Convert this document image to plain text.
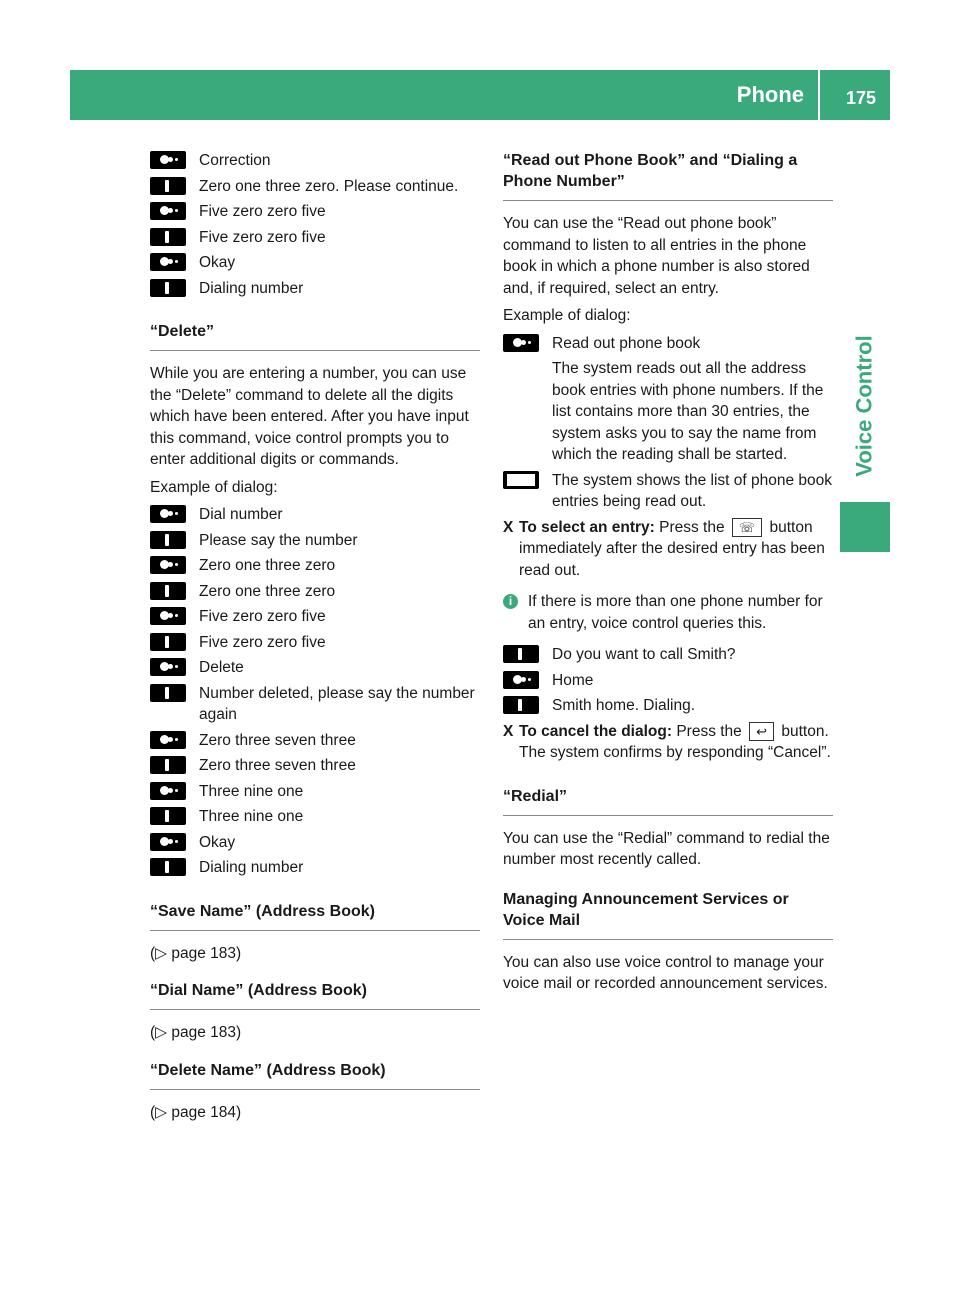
Phone	175
Voice Control
Correction
Zero one three zero. Please continue.
Five zero zero five
Five zero zero five
Okay
Dialing number
“Delete”

While you are entering a number, you can use the “Delete” command to delete all the digits which have been entered. After you have input this command, voice control prompts you to enter additional digits or commands.

Example of dialog:

Dial number
Please say the number
Zero one three zero
Zero one three zero
Five zero zero five
Five zero zero five
Delete
Number deleted, please say the number again
Zero three seven three
Zero three seven three
Three nine one
Three nine one
Okay
Dialing number
“Save Name” (Address Book)

(▷ page 183)

“Dial Name” (Address Book)

(▷ page 183)

“Delete Name” (Address Book)

(▷ page 184)

“Read out Phone Book” and “Dialing a Phone Number”

You can use the “Read out phone book” command to listen to all entries in the phone book in which a phone number is also stored and, if required, select an entry.

Example of dialog:

Read out phone book
The system reads out all the address book entries with phone numbers. If the list contains more than 30 entries, the system asks you to say the name from which the reading shall be started.
The system shows the list of phone book entries being read out.
X To select an entry: Press the ☏ button immediately after the desired entry has been read out.
i	If there is more than one phone number for an entry, voice control queries this.
Do you want to call Smith?
Home
Smith home. Dialing.
X To cancel the dialog: Press the ↩ button.
The system confirms by responding “Cancel”.
“Redial”

You can use the “Redial” command to redial the number most recently called.

Managing Announcement Services or Voice Mail

You can also use voice control to manage your voice mail or recorded announcement services.
